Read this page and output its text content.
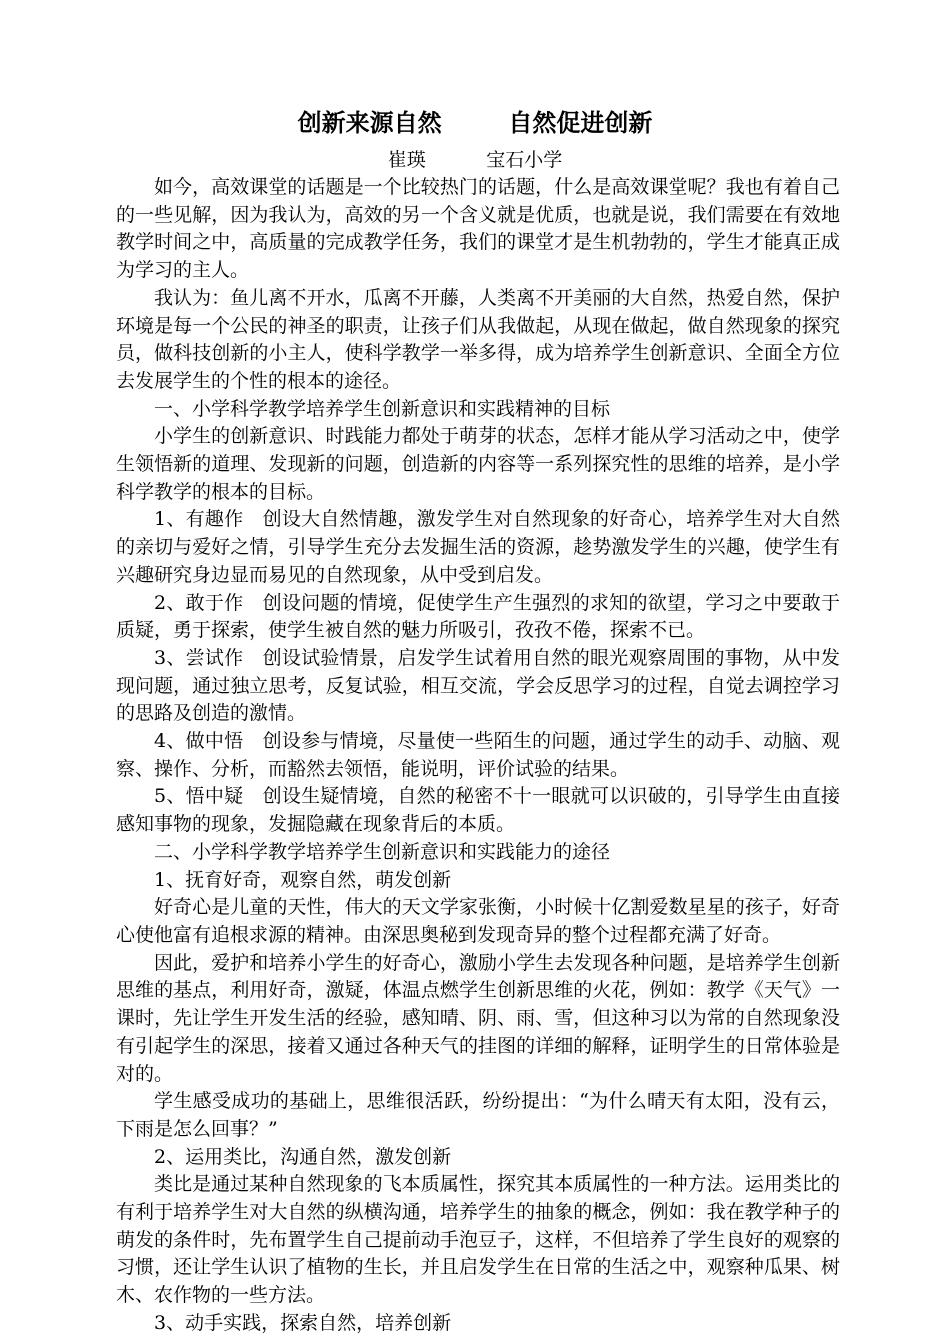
创新来源自然        自然促进创新
崔瑛          宝石小学

如今，高效课堂的话题是一个比较热门的话题，什么是高效课堂呢？我也有着自己的一些见解，因为我认为，高效的另一个含义就是优质，也就是说，我们需要在有效地教学时间之中，高质量的完成教学任务，我们的课堂才是生机勃勃的，学生才能真正成为学习的主人。

我认为：鱼儿离不开水，瓜离不开藤，人类离不开美丽的大自然，热爱自然，保护环境是每一个公民的神圣的职责，让孩子们从我做起，从现在做起，做自然现象的探究员，做科技创新的小主人，使科学教学一举多得，成为培养学生创新意识、全面全方位去发展学生的个性的根本的途径。

一、小学科学教学培养学生创新意识和实践精神的目标

小学生的创新意识、时践能力都处于萌芽的状态，怎样才能从学习活动之中，使学生领悟新的道理、发现新的问题，创造新的内容等一系列探究性的思维的培养，是小学科学教学的根本的目标。

1、有趣作　创设大自然情趣，激发学生对自然现象的好奇心，培养学生对大自然的亲切与爱好之情，引导学生充分去发掘生活的资源，趁势激发学生的兴趣，使学生有兴趣研究身边显而易见的自然现象，从中受到启发。

2、敢于作　创设问题的情境，促使学生产生强烈的求知的欲望，学习之中要敢于质疑，勇于探索，使学生被自然的魅力所吸引，孜孜不倦，探索不已。

3、尝试作　创设试验情景，启发学生试着用自然的眼光观察周围的事物，从中发现问题，通过独立思考，反复试验，相互交流，学会反思学习的过程，自觉去调控学习的思路及创造的激情。

4、做中悟　创设参与情境，尽量使一些陌生的问题，通过学生的动手、动脑、观察、操作、分析，而豁然去领悟，能说明，评价试验的结果。

5、悟中疑　创设生疑情境，自然的秘密不十一眼就可以识破的，引导学生由直接感知事物的现象，发掘隐藏在现象背后的本质。

二、小学科学教学培养学生创新意识和实践能力的途径

1、抚育好奇，观察自然，萌发创新

好奇心是儿童的天性，伟大的天文学家张衡，小时候十亿割爱数星星的孩子，好奇心使他富有追根求源的精神。由深思奥秘到发现奇异的整个过程都充满了好奇。

因此，爱护和培养小学生的好奇心，激励小学生去发现各种问题，是培养学生创新思维的基点，利用好奇，激疑，体温点燃学生创新思维的火花，例如：教学《天气》一课时，先让学生开发生活的经验，感知晴、阴、雨、雪，但这种习以为常的自然现象没有引起学生的深思，接着又通过各种天气的挂图的详细的解释，证明学生的日常体验是对的。

学生感受成功的基础上，思维很活跃，纷纷提出：“为什么晴天有太阳，没有云，下雨是怎么回事？”

2、运用类比，沟通自然，激发创新

类比是通过某种自然现象的飞本质属性，探究其本质属性的一种方法。运用类比的有利于培养学生对大自然的纵横沟通，培养学生的抽象的概念，例如：我在教学种子的萌发的条件时，先布置学生自己提前动手泡豆子，这样，不但培养了学生良好的观察的习惯，还让学生认识了植物的生长，并且启发学生在日常的生活之中，观察种瓜果、树木、农作物的一些方法。

3、动手实践，探索自然，培养创新
